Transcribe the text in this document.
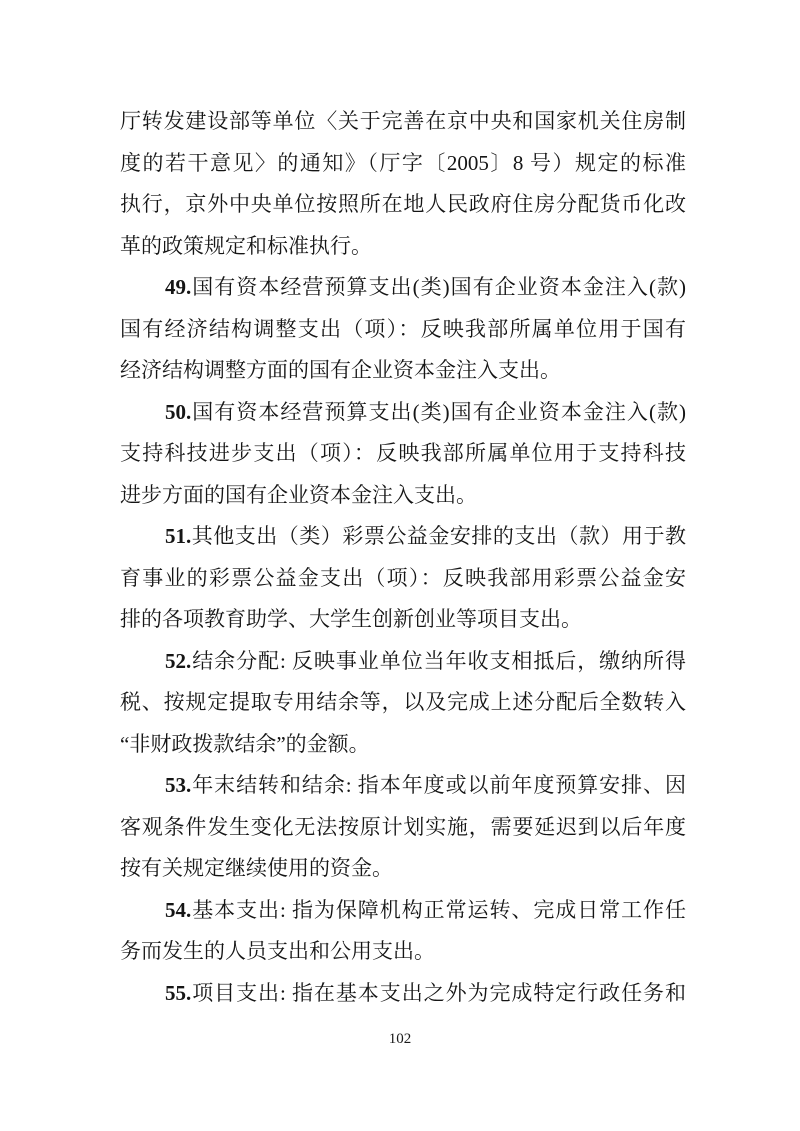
厅转发建设部等单位〈关于完善在京中央和国家机关住房制

度的若干意见〉的通知》（厅字〔2005〕8 号）规定的标准

执行，京外中央单位按照所在地人民政府住房分配货币化改

革的政策规定和标准执行。

49.国有资本经营预算支出(类)国有企业资本金注入(款)

国有经济结构调整支出（项）：反映我部所属单位用于国有

经济结构调整方面的国有企业资本金注入支出。

50.国有资本经营预算支出(类)国有企业资本金注入(款)

支持科技进步支出（项）：反映我部所属单位用于支持科技

进步方面的国有企业资本金注入支出。

51.其他支出（类）彩票公益金安排的支出（款）用于教

育事业的彩票公益金支出（项）：反映我部用彩票公益金安

排的各项教育助学、大学生创新创业等项目支出。

52.结余分配: 反映事业单位当年收支相抵后，缴纳所得

税、按规定提取专用结余等，以及完成上述分配后全数转入

“非财政拨款结余”的金额。

53.年末结转和结余: 指本年度或以前年度预算安排、因

客观条件发生变化无法按原计划实施，需要延迟到以后年度

按有关规定继续使用的资金。

54.基本支出: 指为保障机构正常运转、完成日常工作任

务而发生的人员支出和公用支出。

55.项目支出: 指在基本支出之外为完成特定行政任务和

102
